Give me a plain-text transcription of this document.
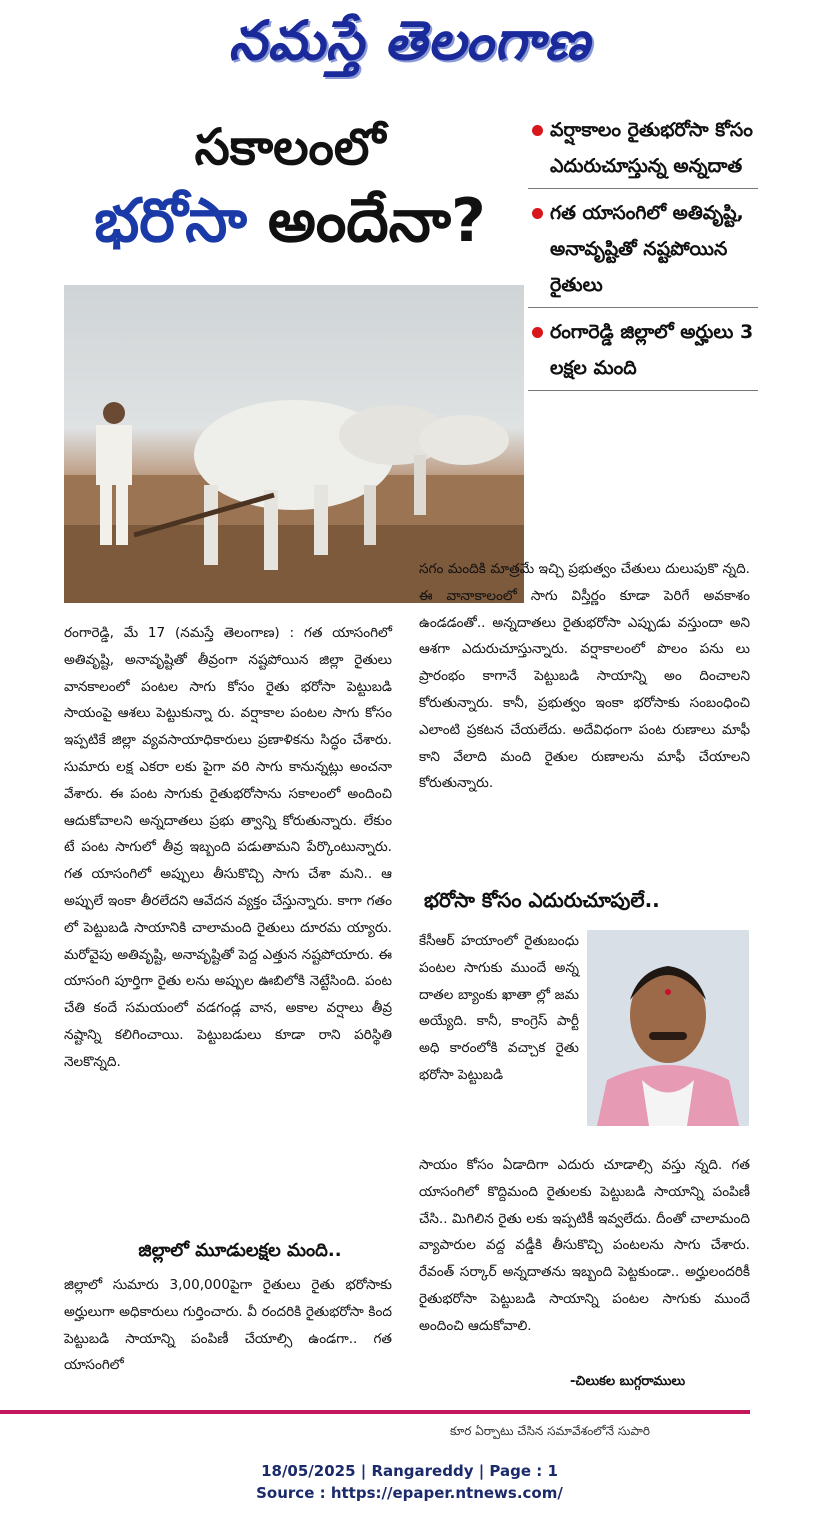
నమస్తే తెలంగాణ
సకాలంలో
భరోసా అందేనా?
వర్షాకాలం రైతుభరోసా కోసం ఎదురుచూస్తున్న అన్నదాత
గత యాసంగిలో అతివృష్టి, అనావృష్టితో నష్టపోయిన రైతులు
రంగారెడ్డి జిల్లాలో అర్హులు 3 లక్షల మంది
రంగారెడ్డి, మే 17 (నమస్తే తెలంగాణ) : గత యాసంగిలో అతివృష్టి, అనావృష్టితో తీవ్రంగా నష్టపోయిన జిల్లా రైతులు వానకాలంలో పంటల సాగు కోసం రైతు భరోసా పెట్టుబడి సాయంపై ఆశలు పెట్టుకున్నా రు. వర్షాకాల పంటల సాగు కోసం ఇప్పటికే జిల్లా వ్యవసాయాధికారులు ప్రణాళికను సిద్ధం చేశారు. సుమారు లక్ష ఎకరా లకు పైగా వరి సాగు కానున్నట్లు అంచనా వేశారు. ఈ పంట సాగుకు రైతుభరోసాను సకాలంలో అందించి ఆదుకోవాలని అన్నదాతలు ప్రభు త్వాన్ని కోరుతున్నారు. లేకుం టే పంట సాగులో తీవ్ర ఇబ్బంది పడుతామని పేర్కొంటున్నారు. గత యాసంగిలో అప్పులు తీసుకొచ్చి సాగు చేశా మని.. ఆ అప్పులే ఇంకా తీరలేదని ఆవేదన వ్యక్తం చేస్తున్నారు. కాగా గతం లో పెట్టుబడి సాయానికి చాలామంది రైతులు దూరమ య్యారు. మరోవైపు అతివృష్టి, అనావృష్టితో పెద్ద ఎత్తున నష్టపోయారు. ఈ యాసంగి పూర్తిగా రైతు లను అప్పుల ఊబిలోకి నెట్టేసింది. పంట చేతి కందే సమయంలో వడగండ్ల వాన, అకాల వర్షాలు తీవ్ర నష్టాన్ని కలిగించాయి. పెట్టుబడులు కూడా రాని పరిస్థితి నెలకొన్నది.
జిల్లాలో మూడులక్షల మంది..
జిల్లాలో సుమారు 3,00,000పైగా రైతులు రైతు భరోసాకు అర్హులుగా అధికారులు గుర్తించారు. వీ రందరికి రైతుభరోసా కింద పెట్టుబడి సాయాన్ని పంపిణీ చేయాల్సి ఉండగా.. గత యాసంగిలో
సగం మందికి మాత్రమే ఇచ్చి ప్రభుత్వం చేతులు దులుపుకొ న్నది. ఈ వానాకాలంలో సాగు విస్తీర్ణం కూడా పెరిగే అవకాశం ఉండడంతో.. అన్నదాతలు రైతుభరోసా ఎప్పుడు వస్తుందా అని ఆశగా ఎదురుచూస్తున్నారు. వర్షాకాలంలో పొలం పను లు ప్రారంభం కాగానే పెట్టుబడి సాయాన్ని అం దించాలని కోరుతున్నారు. కానీ, ప్రభుత్వం ఇంకా భరోసాకు సంబంధించి ఎలాంటి ప్రకటన చేయలేదు. అదేవిధంగా పంట రుణాలు మాఫీ కాని వేలాది మంది రైతుల రుణాలను మాఫీ చేయాలని కోరుతున్నారు.
భరోసా కోసం ఎదురుచూపులే..
కేసీఆర్ హయాంలో రైతుబంధు పంటల సాగుకు ముందే అన్న దాతల బ్యాంకు ఖాతా ల్లో జమ అయ్యేది. కానీ, కాంగ్రెస్ పార్టీ అధి కారంలోకి వచ్చాక రైతు భరోసా పెట్టుబడి
సాయం కోసం ఏడాదిగా ఎదురు చూడాల్సి వస్తు న్నది. గత యాసంగిలో కొద్దిమంది రైతులకు పెట్టుబడి సాయాన్ని పంపిణీ చేసి.. మిగిలిన రైతు లకు ఇప్పటికీ ఇవ్వలేదు. దీంతో చాలామంది వ్యాపారుల వద్ద వడ్డీకి తీసుకొచ్చి పంటలను సాగు చేశారు. రేవంత్ సర్కార్ అన్నదాతను ఇబ్బంది పెట్టకుండా.. అర్హులందరికీ రైతుభరోసా పెట్టుబడి సాయాన్ని పంటల సాగుకు ముందే అందించి ఆదుకోవాలి.
-చిలుకల బుగ్గరాములు
కూర ఏర్పాటు చేసిన సమావేశంలోనే సుపారి
18/05/2025 | Rangareddy | Page : 1
Source : https://epaper.ntnews.com/
